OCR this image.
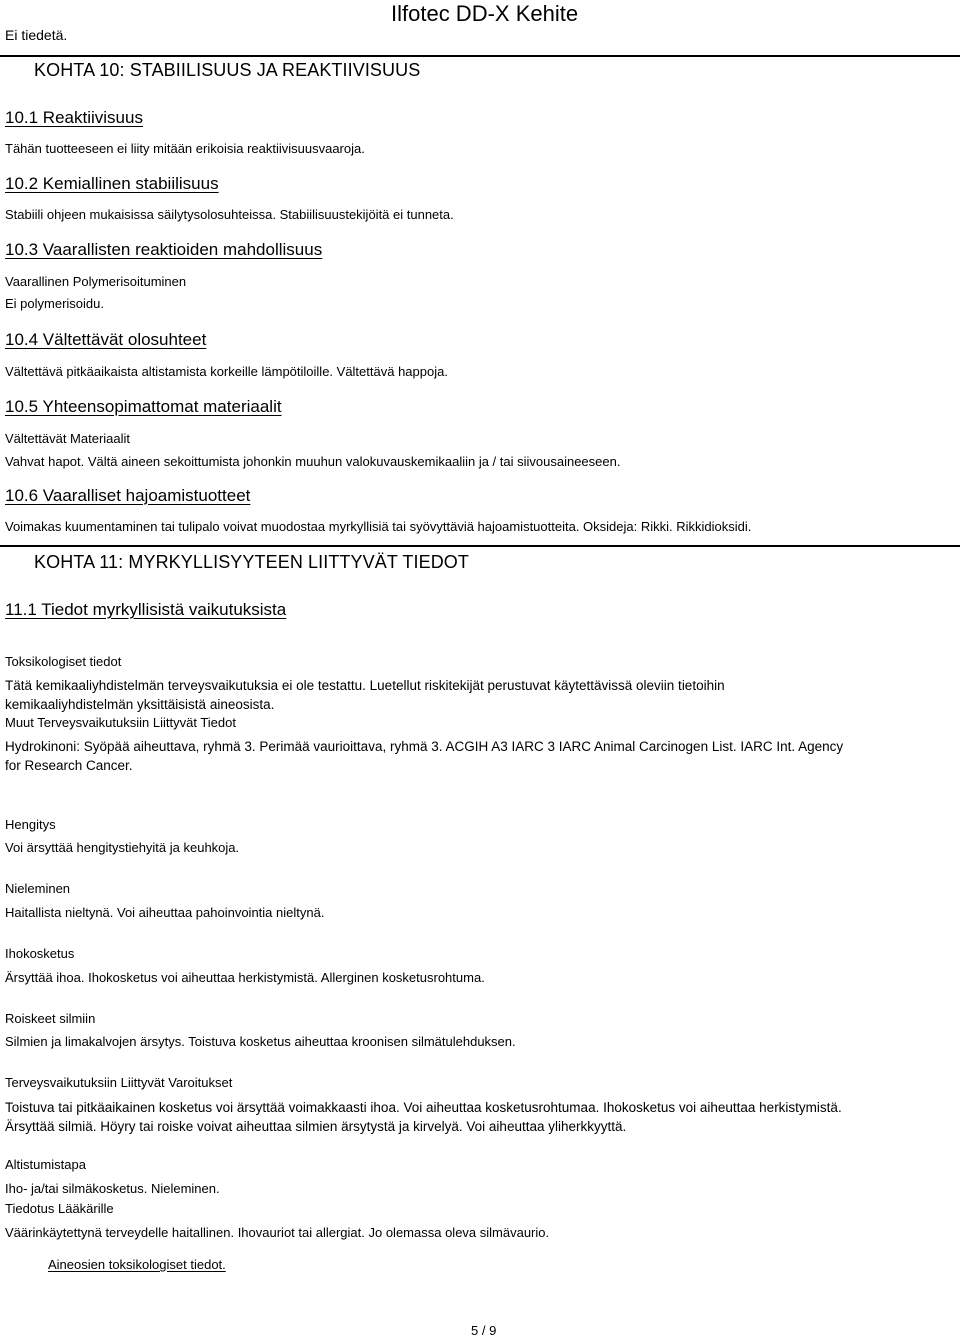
Ei tiedetä.
Ilfotec DD-X Kehite
KOHTA 10: STABIILISUUS JA REAKTIIVISUUS
10.1 Reaktiivisuus
Tähän tuotteeseen ei liity mitään erikoisia reaktiivisuusvaaroja.
10.2 Kemiallinen stabiilisuus
Stabiili ohjeen mukaisissa säilytysolosuhteissa. Stabiilisuustekijöitä ei tunneta.
10.3 Vaarallisten reaktioiden mahdollisuus
Vaarallinen Polymerisoituminen
Ei polymerisoidu.
10.4 Vältettävät olosuhteet
Vältettävä pitkäaikaista altistamista korkeille lämpötiloille. Vältettävä happoja.
10.5 Yhteensopimattomat materiaalit
Vältettävät Materiaalit
Vahvat hapot. Vältä aineen sekoittumista johonkin muuhun valokuvauskemikaaliin ja / tai siivousaineeseen.
10.6 Vaaralliset hajoamistuotteet
Voimakas kuumentaminen tai tulipalo voivat muodostaa myrkyllisiä tai syövyttäviä hajoamistuotteita. Oksideja: Rikki. Rikkidioksidi.
KOHTA 11: MYRKYLLISYYTEEN LIITTYVÄT TIEDOT
11.1 Tiedot myrkyllisistä vaikutuksista
Toksikologiset tiedot
Tätä kemikaaliyhdistelmän terveysvaikutuksia ei ole testattu. Luetellut riskitekijät perustuvat käytettävissä oleviin tietoihin kemikaaliyhdistelmän yksittäisistä aineosista.
Muut Terveysvaikutuksiin Liittyvät Tiedot
Hydrokinoni: Syöpää aiheuttava, ryhmä 3. Perimää vaurioittava, ryhmä 3. ACGIH A3 IARC 3 IARC Animal Carcinogen List. IARC Int. Agency for Research Cancer.
Hengitys
Voi ärsyttää hengitystiehyitä ja keuhkoja.
Nieleminen
Haitallista nieltynä. Voi aiheuttaa pahoinvointia nieltynä.
Ihokosketus
Ärsyttää ihoa. Ihokosketus voi aiheuttaa herkistymistä. Allerginen kosketusrohtuma.
Roiskeet silmiin
Silmien ja limakalvojen ärsytys. Toistuva kosketus aiheuttaa kroonisen silmätulehduksen.
Terveysvaikutuksiin Liittyvät Varoitukset
Toistuva tai pitkäaikainen kosketus voi ärsyttää voimakkaasti ihoa. Voi aiheuttaa kosketusrohtumaa. Ihokosketus voi aiheuttaa herkistymistä. Ärsyttää silmiä. Höyry tai roiske voivat aiheuttaa silmien ärsytystä ja kirvelyä. Voi aiheuttaa yliherkkyyttä.
Altistumistapa
Iho- ja/tai silmäkosketus. Nieleminen.
Tiedotus Lääkärille
Väärinkäytettynä terveydelle haitallinen. Ihovauriot tai allergiat. Jo olemassa oleva silmävaurio.
Aineosien toksikologiset tiedot.
5 / 9
